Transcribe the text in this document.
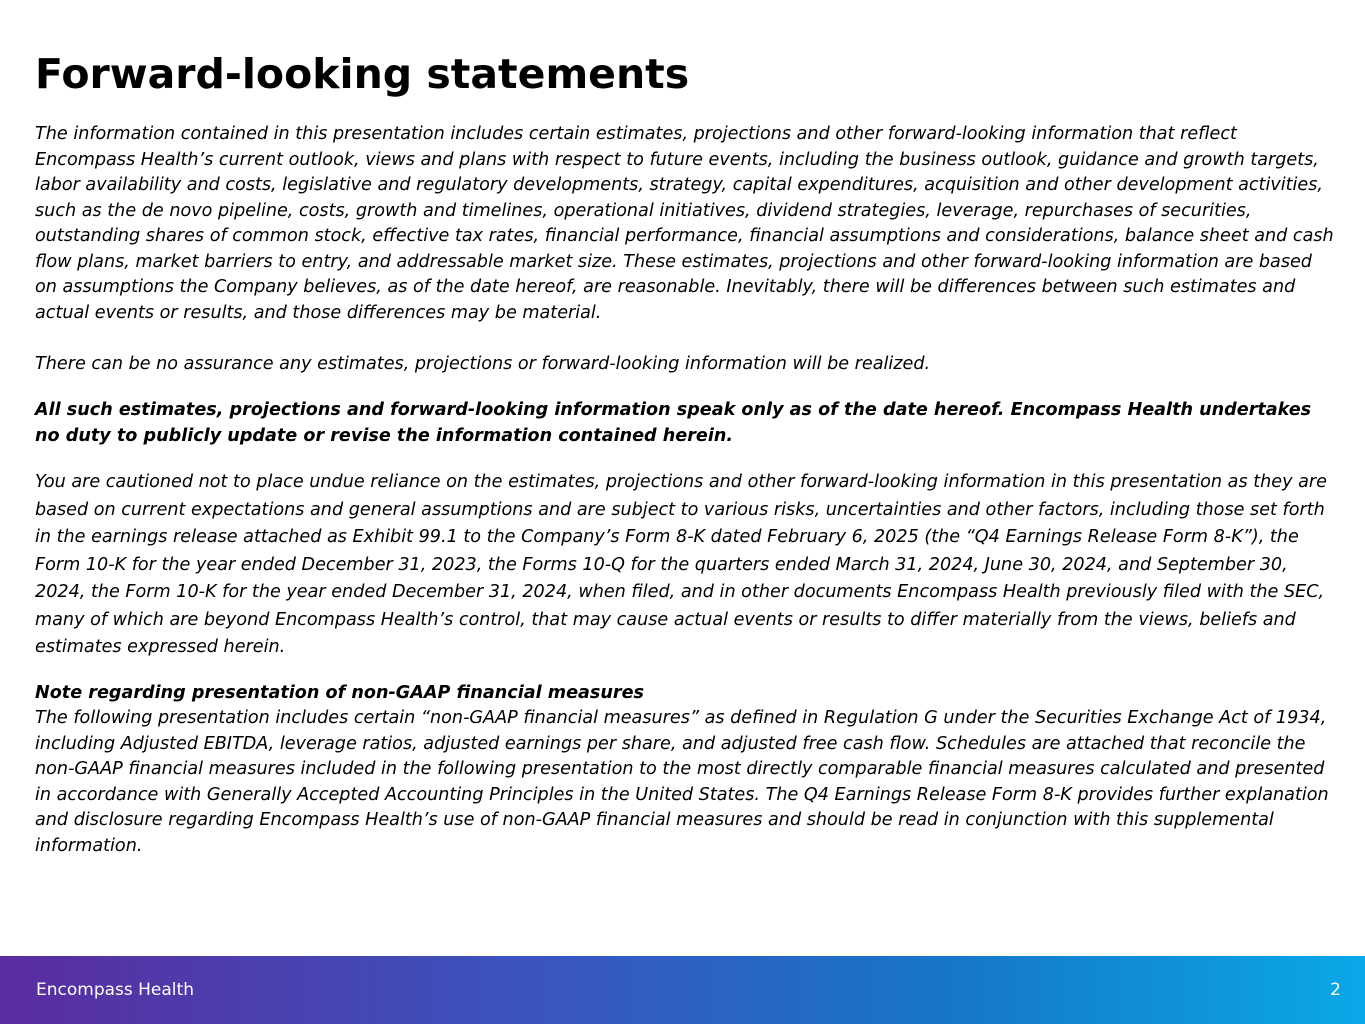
Forward-looking statements

The information contained in this presentation includes certain estimates, projections and other forward-looking information that reflect Encompass Health’s current outlook, views and plans with respect to future events, including the business outlook, guidance and growth targets, labor availability and costs, legislative and regulatory developments, strategy, capital expenditures, acquisition and other development activities, such as the de novo pipeline, costs, growth and timelines, operational initiatives, dividend strategies, leverage, repurchases of securities, outstanding shares of common stock, effective tax rates, financial performance, financial assumptions and considerations, balance sheet and cash flow plans, market barriers to entry, and addressable market size. These estimates, projections and other forward-looking information are based on assumptions the Company believes, as of the date hereof, are reasonable. Inevitably, there will be differences between such estimates and actual events or results, and those differences may be material.

There can be no assurance any estimates, projections or forward-looking information will be realized.

All such estimates, projections and forward-looking information speak only as of the date hereof. Encompass Health undertakes no duty to publicly update or revise the information contained herein.

You are cautioned not to place undue reliance on the estimates, projections and other forward-looking information in this presentation as they are based on current expectations and general assumptions and are subject to various risks, uncertainties and other factors, including those set forth in the earnings release attached as Exhibit 99.1 to the Company’s Form 8-K dated February 6, 2025 (the “Q4 Earnings Release Form 8-K”), the Form 10-K for the year ended December 31, 2023, the Forms 10-Q for the quarters ended March 31, 2024, June 30, 2024, and September 30, 2024, the Form 10-K for the year ended December 31, 2024, when filed, and in other documents Encompass Health previously filed with the SEC, many of which are beyond Encompass Health’s control, that may cause actual events or results to differ materially from the views, beliefs and estimates expressed herein.

Note regarding presentation of non-GAAP financial measures

The following presentation includes certain “non-GAAP financial measures” as defined in Regulation G under the Securities Exchange Act of 1934, including Adjusted EBITDA, leverage ratios, adjusted earnings per share, and adjusted free cash flow. Schedules are attached that reconcile the non-GAAP financial measures included in the following presentation to the most directly comparable financial measures calculated and presented in accordance with Generally Accepted Accounting Principles in the United States. The Q4 Earnings Release Form 8-K provides further explanation and disclosure regarding Encompass Health’s use of non-GAAP financial measures and should be read in conjunction with this supplemental information.

Encompass Health	2
